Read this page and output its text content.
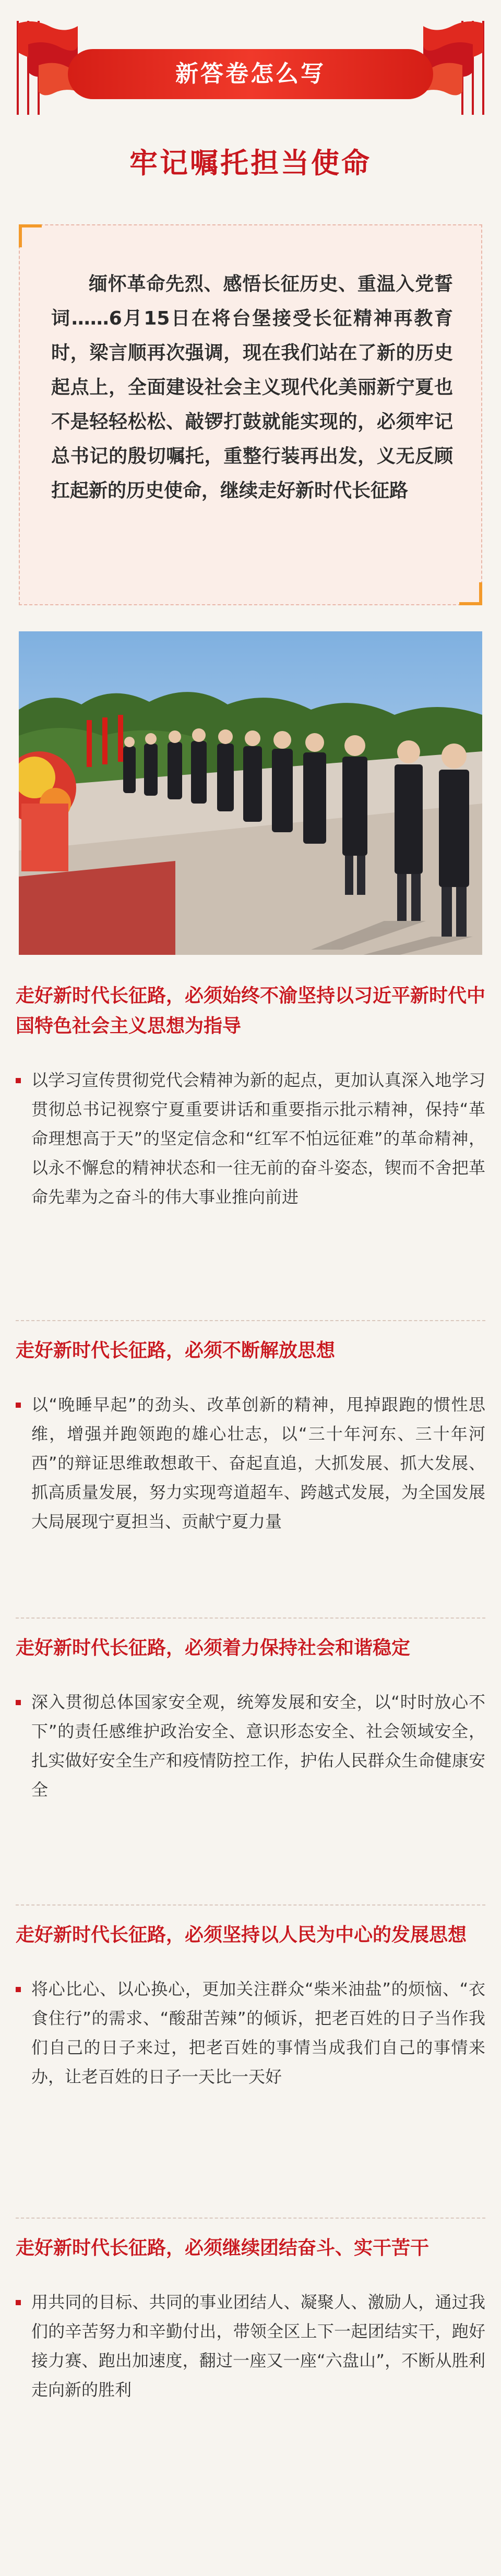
新答卷怎么写
牢记嘱托担当使命
缅怀革命先烈、感悟长征历史、重温入党誓词……6月15日在将台堡接受长征精神再教育时，梁言顺再次强调，现在我们站在了新的历史起点上，全面建设社会主义现代化美丽新宁夏也不是轻轻松松、敲锣打鼓就能实现的，必须牢记总书记的殷切嘱托，重整行装再出发，义无反顾扛起新的历史使命，继续走好新时代长征路
走好新时代长征路，必须始终不渝坚持以习近平新时代中国特色社会主义思想为指导
以学习宣传贯彻党代会精神为新的起点，更加认真深入地学习贯彻总书记视察宁夏重要讲话和重要指示批示精神，保持“革命理想高于天”的坚定信念和“红军不怕远征难”的革命精神，以永不懈怠的精神状态和一往无前的奋斗姿态，锲而不舍把革命先辈为之奋斗的伟大事业推向前进
走好新时代长征路，必须不断解放思想
以“晚睡早起”的劲头、改革创新的精神，甩掉跟跑的惯性思维，增强并跑领跑的雄心壮志，以“三十年河东、三十年河西”的辩证思维敢想敢干、奋起直追，大抓发展、抓大发展、抓高质量发展，努力实现弯道超车、跨越式发展，为全国发展大局展现宁夏担当、贡献宁夏力量
走好新时代长征路，必须着力保持社会和谐稳定
深入贯彻总体国家安全观，统筹发展和安全，以“时时放心不下”的责任感维护政治安全、意识形态安全、社会领域安全，扎实做好安全生产和疫情防控工作，护佑人民群众生命健康安全
走好新时代长征路，必须坚持以人民为中心的发展思想
将心比心、以心换心，更加关注群众“柴米油盐”的烦恼、“衣食住行”的需求、“酸甜苦辣”的倾诉，把老百姓的日子当作我们自己的日子来过，把老百姓的事情当成我们自己的事情来办，让老百姓的日子一天比一天好
走好新时代长征路，必须继续团结奋斗、实干苦干
用共同的目标、共同的事业团结人、凝聚人、激励人，通过我们的辛苦努力和辛勤付出，带领全区上下一起团结实干，跑好接力赛、跑出加速度，翻过一座又一座“六盘山”，不断从胜利走向新的胜利
